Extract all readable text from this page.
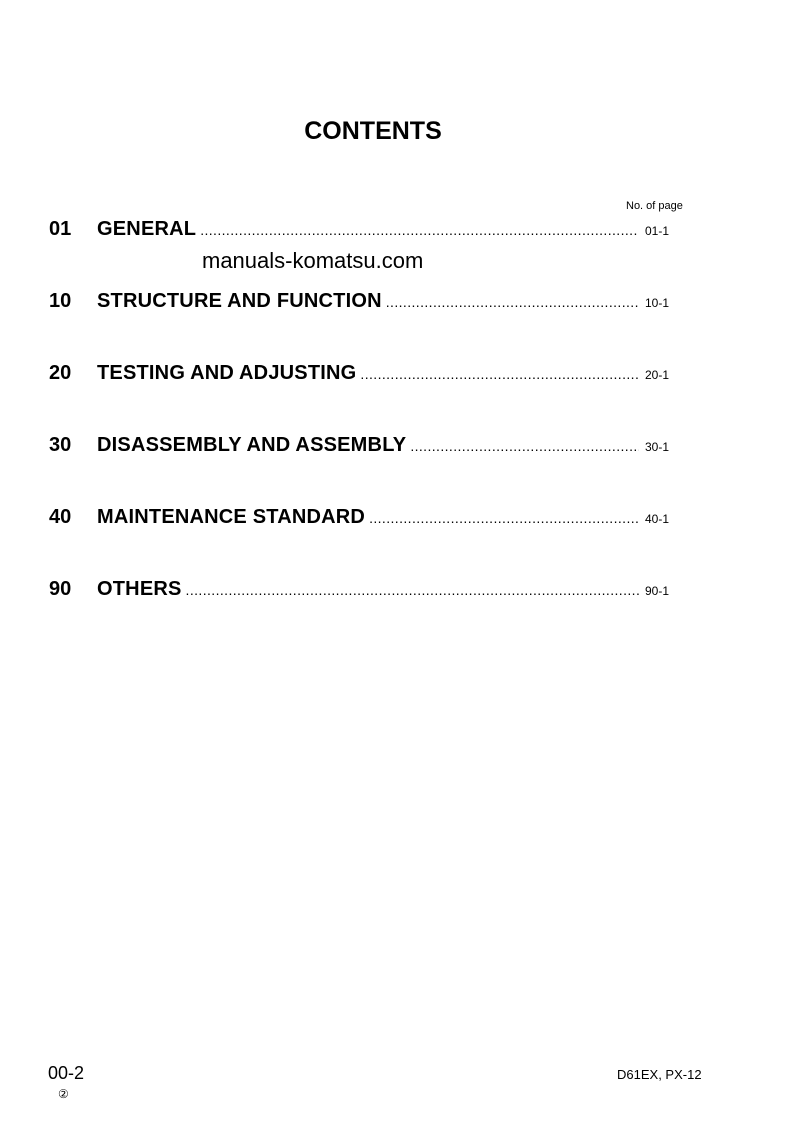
CONTENTS
No. of page
01	GENERAL .....	01-1
manuals-komatsu.com
10	STRUCTURE AND FUNCTION .....	10-1
20	TESTING AND ADJUSTING .....	20-1
30	DISASSEMBLY AND ASSEMBLY .....	30-1
40	MAINTENANCE STANDARD .....	40-1
90	OTHERS .....	90-1
00-2
②
D61EX, PX-12
